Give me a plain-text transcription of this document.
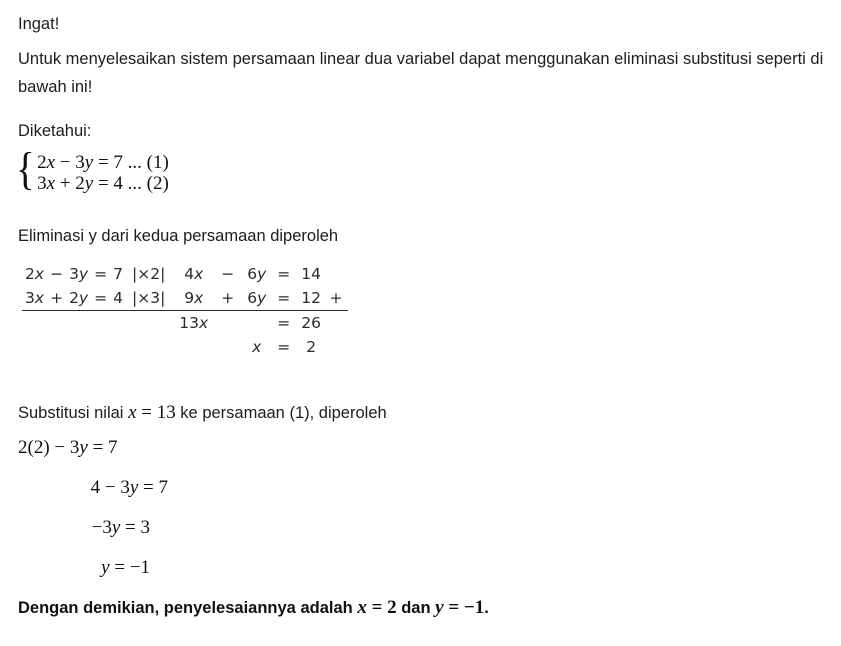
Ingat!
Untuk menyelesaikan sistem persamaan linear dua variabel dapat menggunakan eliminasi substitusi seperti di bawah ini!
Diketahui:
{ 2x − 3y = 7 ... (1)
3x + 2y = 4 ... (2)
Eliminasi y dari kedua persamaan diperoleh
2x	−	3y	=	7	|×2|	4x	−	6y	=	14	
3x	+	2y	=	4	|×3|	9x	+	6y	=	12	+
						13x			=	26	
								x	=	2	
Substitusi nilai x = 13 ke persamaan (1), diperoleh
2(2) − 3y = 7
4 − 3y = 7
−3y = 3
y = −1
Dengan demikian, penyelesaiannya adalah x = 2 dan y = −1.
